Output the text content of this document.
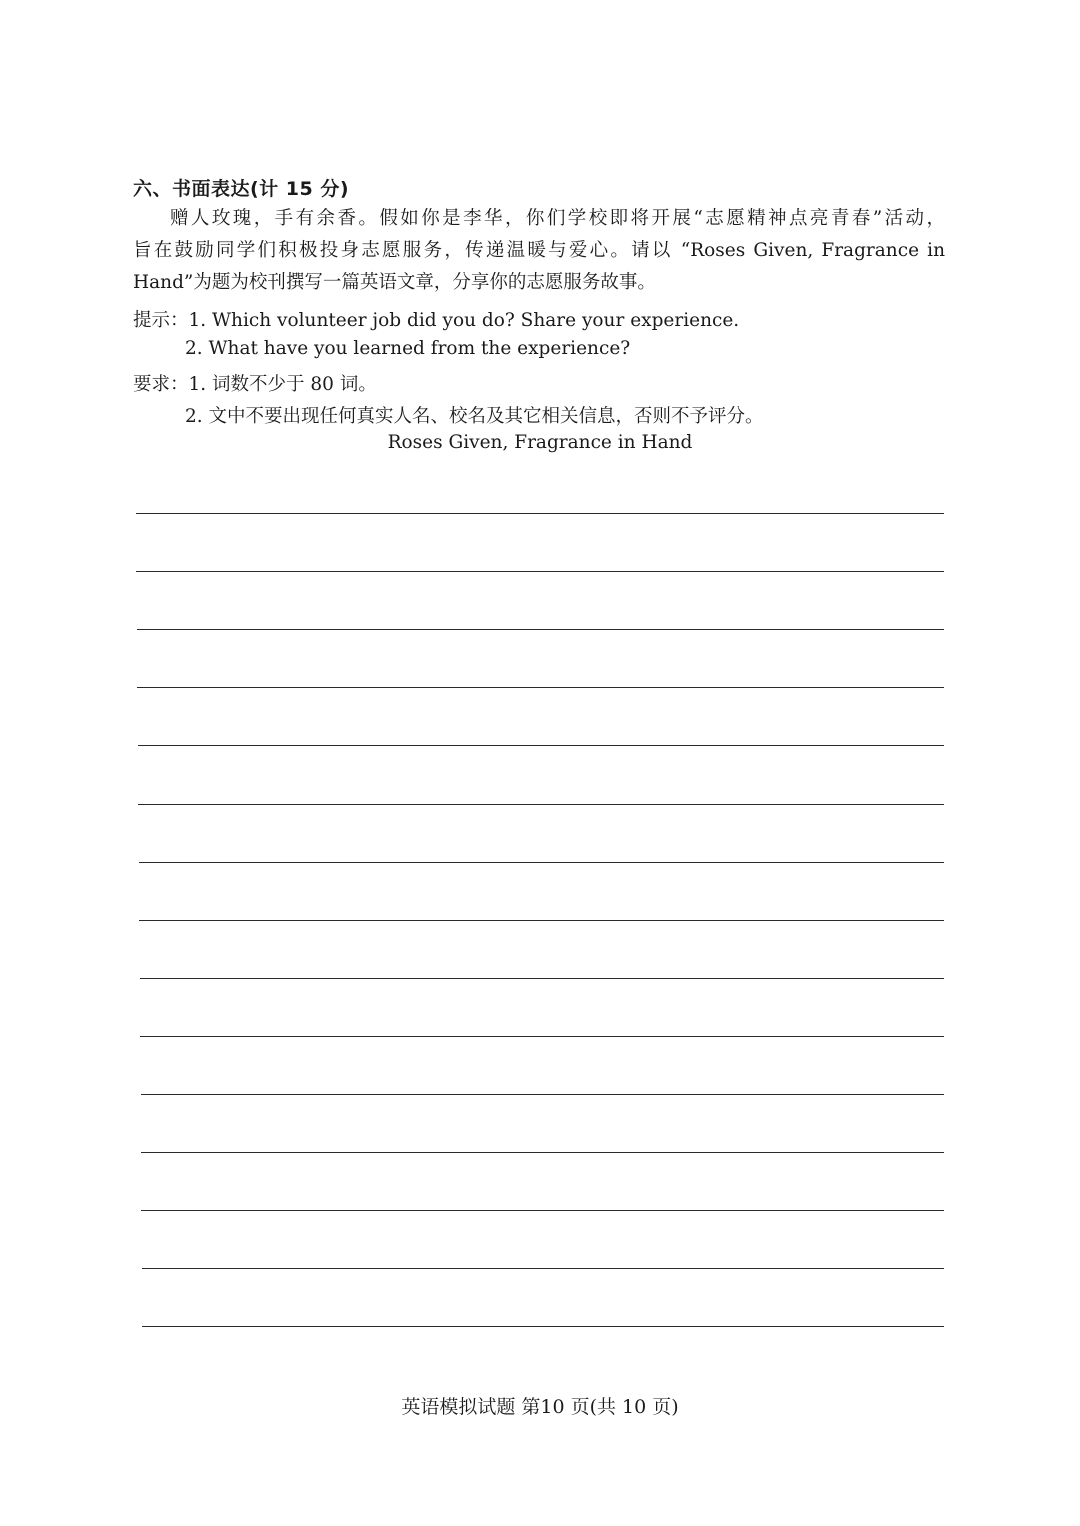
六、书面表达(计 15 分)
赠人玫瑰，手有余香。假如你是李华，你们学校即将开展“志愿精神点亮青春”活动，
旨在鼓励同学们积极投身志愿服务，传递温暖与爱心。请以 “Roses Given, Fragrance in
Hand”为题为校刊撰写一篇英语文章，分享你的志愿服务故事。
提示：1. Which volunteer job did you do? Share your experience.
2. What have you learned from the experience?
要求：1. 词数不少于 80 词。
2. 文中不要出现任何真实人名、校名及其它相关信息，否则不予评分。
Roses Given, Fragrance in Hand
英语模拟试题 第10 页(共 10 页)
